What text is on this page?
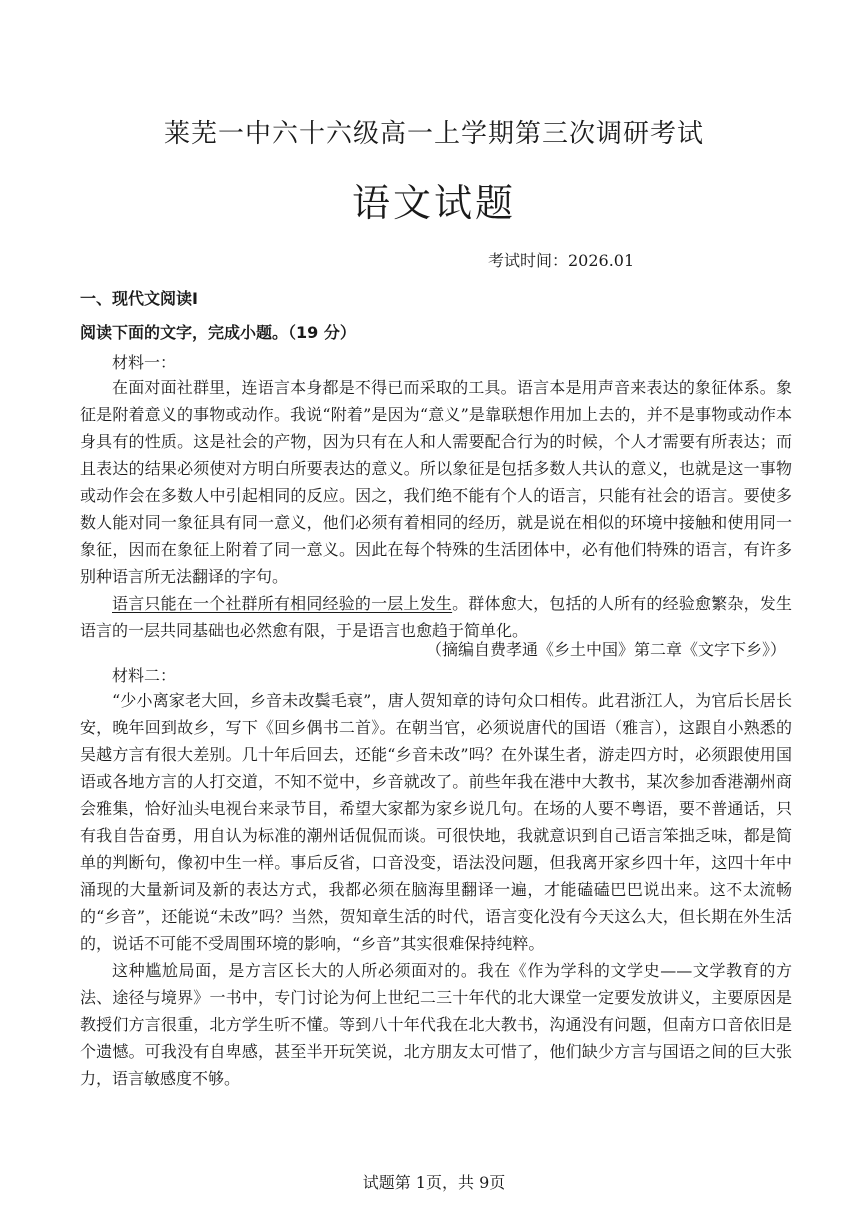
莱芜一中六十六级高一上学期第三次调研考试
语文试题
考试时间：2026.01
一、现代文阅读Ⅰ
阅读下面的文字，完成小题。（19 分）
材料一：

在面对面社群里，连语言本身都是不得已而采取的工具。语言本是用声音来表达的象征体系。象征是附着意义的事物或动作。我说“附着”是因为“意义”是靠联想作用加上去的，并不是事物或动作本身具有的性质。这是社会的产物，因为只有在人和人需要配合行为的时候，个人才需要有所表达；而且表达的结果必须使对方明白所要表达的意义。所以象征是包括多数人共认的意义，也就是这一事物或动作会在多数人中引起相同的反应。因之，我们绝不能有个人的语言，只能有社会的语言。要使多数人能对同一象征具有同一意义，他们必须有着相同的经历，就是说在相似的环境中接触和使用同一象征，因而在象征上附着了同一意义。因此在每个特殊的生活团体中，必有他们特殊的语言，有许多别种语言所无法翻译的字句。

语言只能在一个社群所有相同经验的一层上发生。群体愈大，包括的人所有的经验愈繁杂，发生语言的一层共同基础也必然愈有限，于是语言也愈趋于简单化。

（摘编自费孝通《乡土中国》第二章《文字下乡》）
材料二：

“少小离家老大回，乡音未改鬓毛衰”，唐人贺知章的诗句众口相传。此君浙江人，为官后长居长安，晚年回到故乡，写下《回乡偶书二首》。在朝当官，必须说唐代的国语（雅言），这跟自小熟悉的吴越方言有很大差别。几十年后回去，还能“乡音未改”吗？在外谋生者，游走四方时，必须跟使用国语或各地方言的人打交道，不知不觉中，乡音就改了。前些年我在港中大教书，某次参加香港潮州商会雅集，恰好汕头电视台来录节目，希望大家都为家乡说几句。在场的人要不粤语，要不普通话，只有我自告奋勇，用自认为标准的潮州话侃侃而谈。可很快地，我就意识到自己语言笨拙乏味，都是简单的判断句，像初中生一样。事后反省，口音没变，语法没问题，但我离开家乡四十年，这四十年中涌现的大量新词及新的表达方式，我都必须在脑海里翻译一遍，才能磕磕巴巴说出来。这不太流畅的“乡音”，还能说“未改”吗？当然，贺知章生活的时代，语言变化没有今天这么大，但长期在外生活的，说话不可能不受周围环境的影响，“乡音”其实很难保持纯粹。

这种尴尬局面，是方言区长大的人所必须面对的。我在《作为学科的文学史——文学教育的方法、途径与境界》一书中，专门讨论为何上世纪二三十年代的北大课堂一定要发放讲义，主要原因是教授们方言很重，北方学生听不懂。等到八十年代我在北大教书，沟通没有问题，但南方口音依旧是个遗憾。可我没有自卑感，甚至半开玩笑说，北方朋友太可惜了，他们缺少方言与国语之间的巨大张力，语言敏感度不够。

试题第 1页，共 9页
